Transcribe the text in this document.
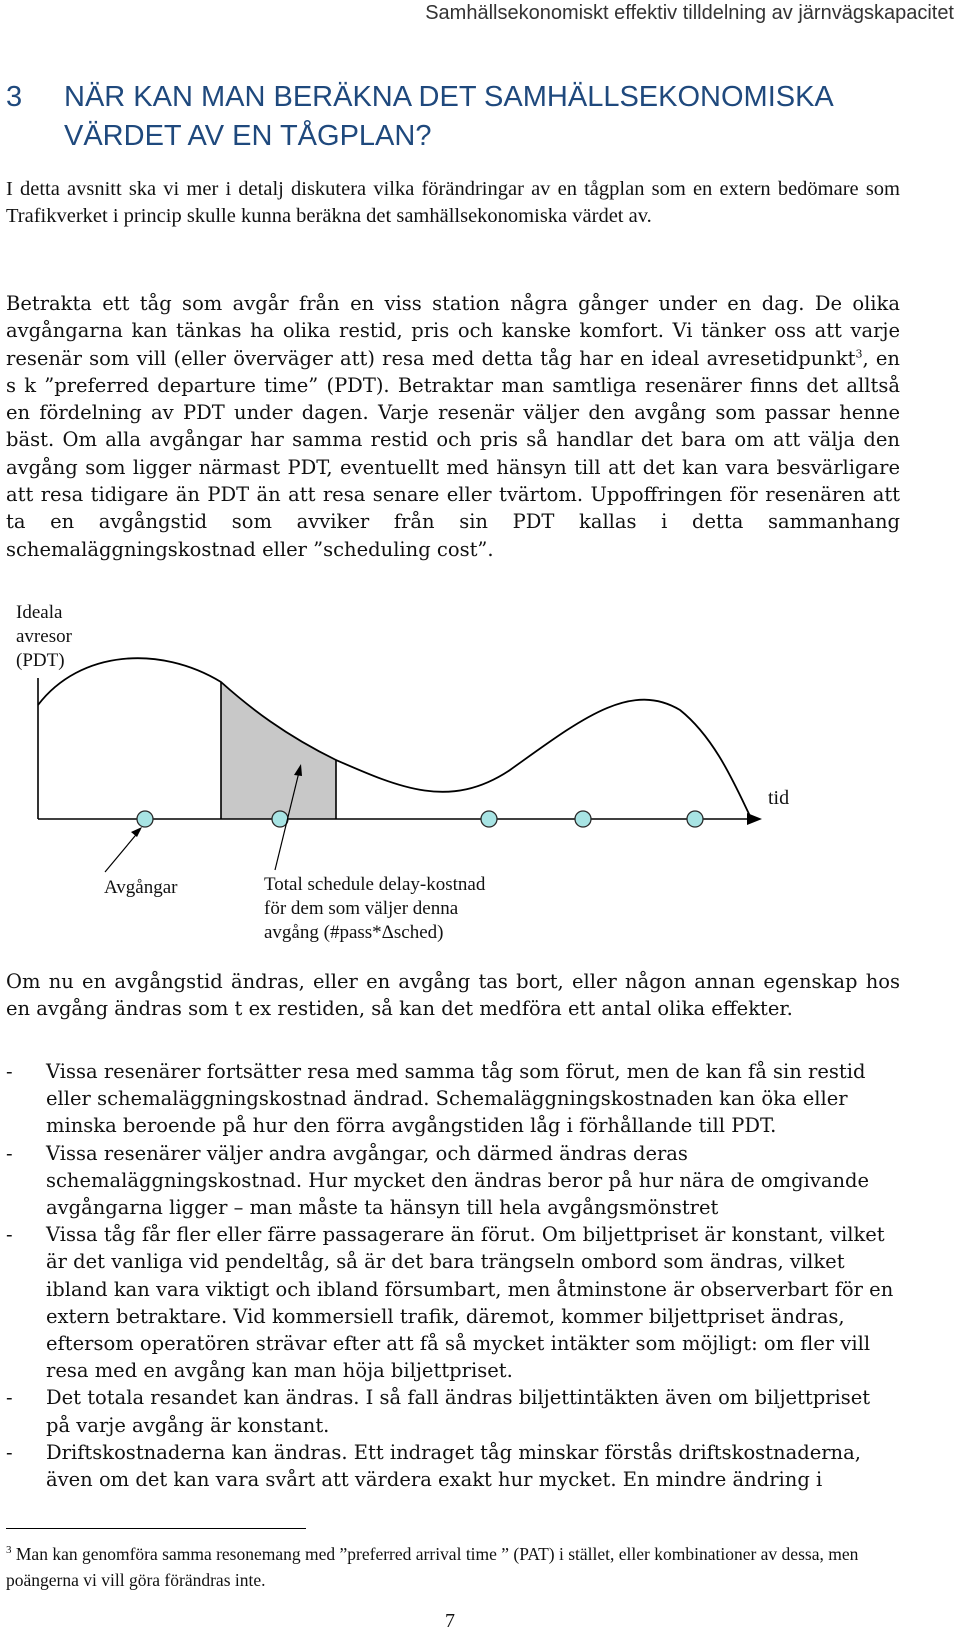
Samhällsekonomiskt effektiv tilldelning av järnvägskapacitet
3 NÄR KAN MAN BERÄKNA DET SAMHÄLLSEKONOMISKA VÄRDET AV EN TÅGPLAN?

I detta avsnitt ska vi mer i detalj diskutera vilka förändringar av en tågplan som en extern bedömare som Trafikverket i princip skulle kunna beräkna det samhällsekonomiska värdet av.

Betrakta ett tåg som avgår från en viss station några gånger under en dag. De olika avgångarna kan tänkas ha olika restid, pris och kanske komfort. Vi tänker oss att varje resenär som vill (eller överväger att) resa med detta tåg har en ideal avresetidpunkt$^3$, en s k ”preferred departure time” (PDT). Betraktar man samtliga resenärer finns det alltså en fördelning av PDT under dagen. Varje resenär väljer den avgång som passar henne bäst. Om alla avgångar har samma restid och pris så handlar det bara om att välja den avgång som ligger närmast PDT, eventuellt med hänsyn till att det kan vara besvärligare att resa tidigare än PDT än att resa senare eller tvärtom. Uppoffringen för resenären att ta en avgångstid som avviker från sin PDT kallas i detta sammanhang schemaläggningskostnad eller ”scheduling cost”.

Ideala
avresor
(PDT)
tid
Avgångar	Total schedule delay-kostnad
för dem som väljer denna
avgång (#pass*Δsched)

Om nu en avgångstid ändras, eller en avgång tas bort, eller någon annan egenskap hos en avgång ändras som t ex restiden, så kan det medföra ett antal olika effekter.

- Vissa resenärer fortsätter resa med samma tåg som förut, men de kan få sin restid eller schemaläggningskostnad ändrad. Schemaläggningskostnaden kan öka eller minska beroende på hur den förra avgångstiden låg i förhållande till PDT.
- Vissa resenärer väljer andra avgångar, och därmed ändras deras schemaläggningskostnad. Hur mycket den ändras beror på hur nära de omgivande avgångarna ligger – man måste ta hänsyn till hela avgångsmönstret
- Vissa tåg får fler eller färre passagerare än förut. Om biljettpriset är konstant, vilket är det vanliga vid pendeltåg, så är det bara trängseln ombord som ändras, vilket ibland kan vara viktigt och ibland försumbart, men åtminstone är observerbart för en extern betraktare. Vid kommersiell trafik, däremot, kommer biljettpriset ändras, eftersom operatören strävar efter att få så mycket intäkter som möjligt: om fler vill resa med en avgång kan man höja biljettpriset.
- Det totala resandet kan ändras. I så fall ändras biljettintäkten även om biljettpriset på varje avgång är konstant.
- Driftskostnaderna kan ändras. Ett indraget tåg minskar förstås driftskostnaderna, även om det kan vara svårt att värdera exakt hur mycket. En mindre ändring i

$^3$ Man kan genomföra samma resonemang med ”preferred arrival time ” (PAT) i stället, eller kombinationer av dessa, men poängerna vi vill göra förändras inte.

7
